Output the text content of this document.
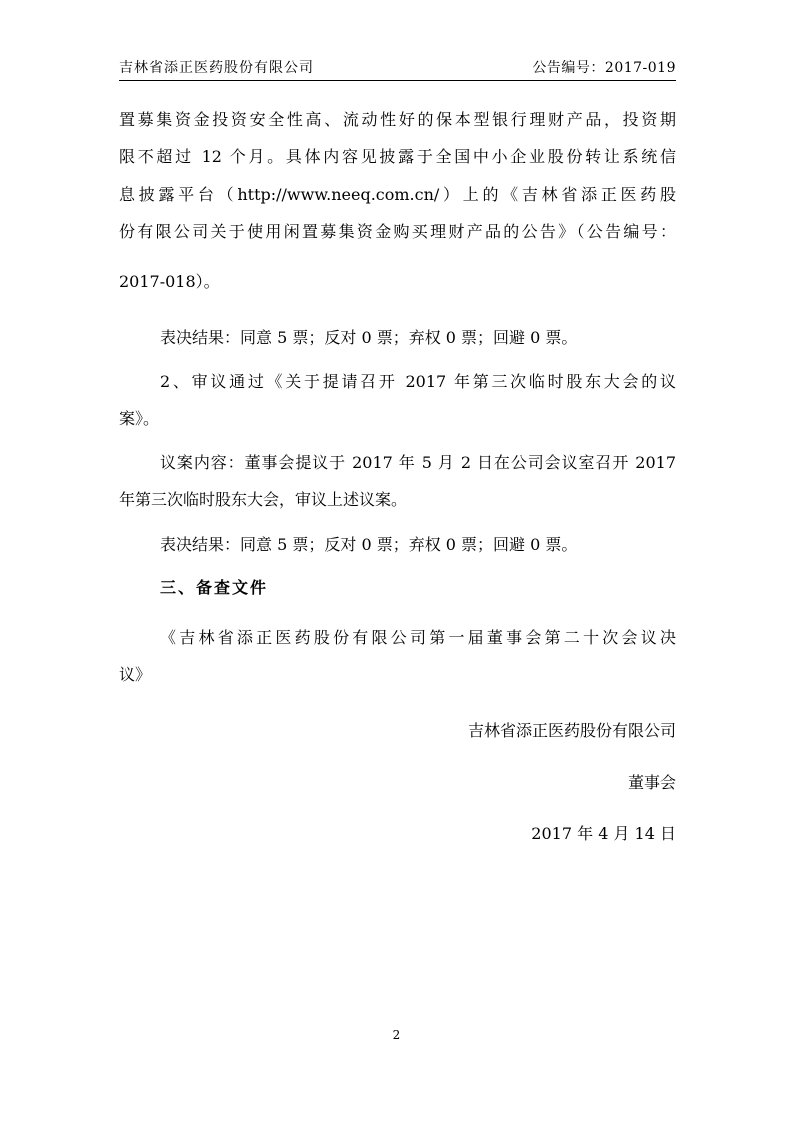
吉林省添正医药股份有限公司	公告编号：2017-019
置募集资金投资安全性高、流动性好的保本型银行理财产品，投资期
限不超过 12 个月。具体内容见披露于全国中小企业股份转让系统信
息披露平台（http://www.neeq.com.cn/）上的《吉林省添正医药股
份有限公司关于使用闲置募集资金购买理财产品的公告》（公告编号：
2017-018）。
表决结果：同意 5 票；反对 0 票；弃权 0 票；回避 0 票。
2、审议通过《关于提请召开 2017 年第三次临时股东大会的议
案》。
议案内容：董事会提议于 2017 年 5 月 2 日在公司会议室召开 2017
年第三次临时股东大会，审议上述议案。
表决结果：同意 5 票；反对 0 票；弃权 0 票；回避 0 票。
三、备查文件
《吉林省添正医药股份有限公司第一届董事会第二十次会议决
议》
吉林省添正医药股份有限公司
董事会
2017 年 4 月 14 日
2
